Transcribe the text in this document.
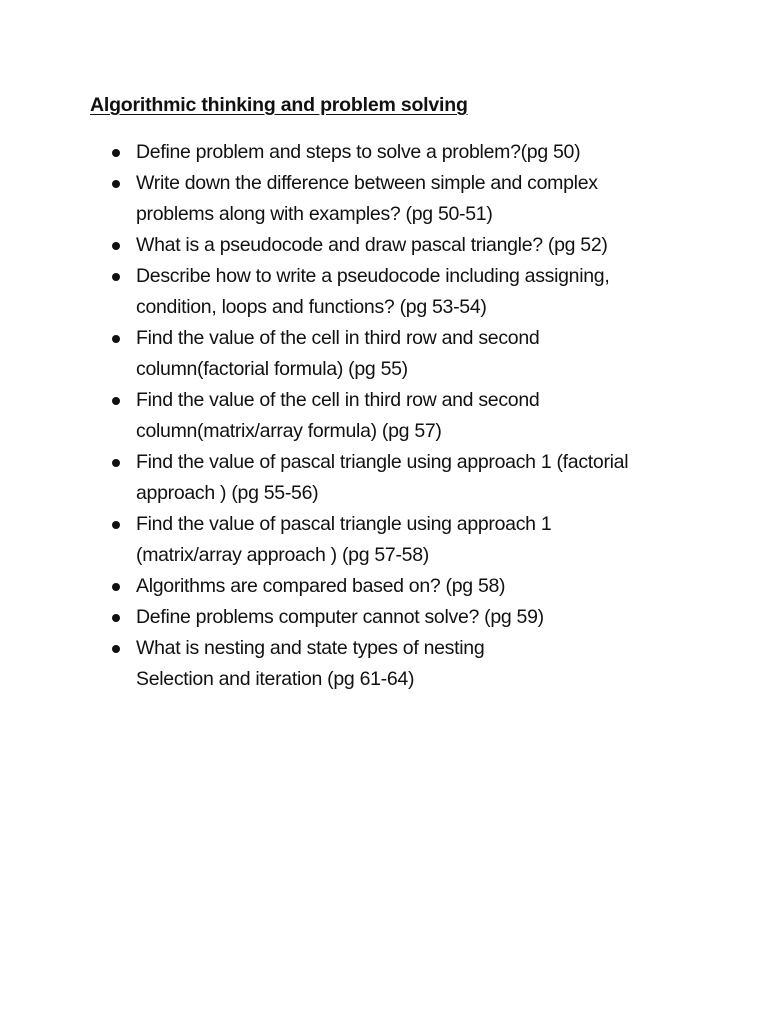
Algorithmic thinking and problem solving
Define problem and steps to solve a problem?(pg 50)
Write down the difference between simple and complex
problems along with examples? (pg 50-51)
What is a pseudocode and draw pascal triangle? (pg 52)
Describe how to write a pseudocode including assigning,
condition, loops and functions? (pg 53-54)
Find the value of the cell in third row and second
column(factorial formula) (pg 55)
Find the value of the cell in third row and second
column(matrix/array formula) (pg 57)
Find the value of pascal triangle using approach 1 (factorial
approach ) (pg 55-56)
Find the value of pascal triangle using approach 1
(matrix/array approach ) (pg 57-58)
Algorithms are compared based on? (pg 58)
Define problems computer cannot solve? (pg 59)
What is nesting and state types of nesting
Selection and iteration (pg 61-64)
